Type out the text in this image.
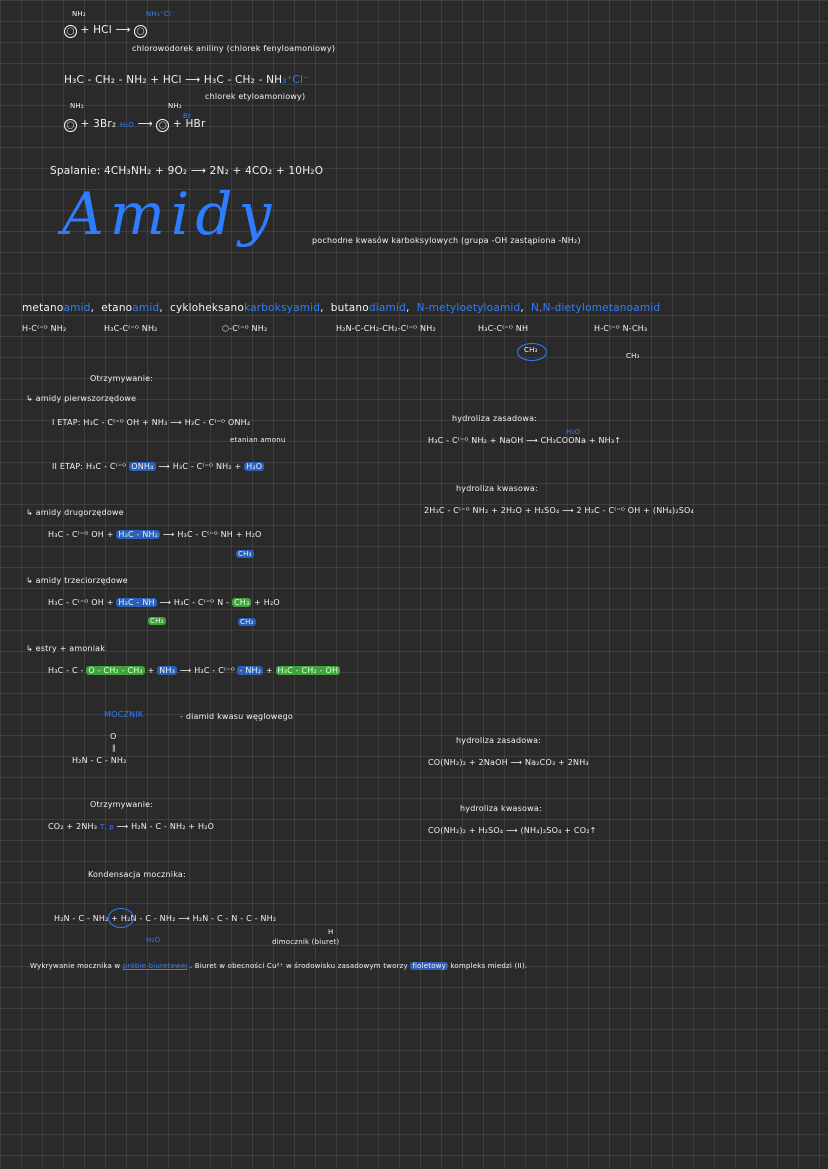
NH₂	NH₃⁺Cl⁻
◯ + HCl ⟶ ◯
chlorowodorek aniliny (chlorek fenyloamoniowy)
H₃C - CH₂ - NH₂ + HCl ⟶ H₃C - CH₂ - NH₃⁺Cl⁻
chlorek etyloamoniowy)
NH₂	NH₂
◯ + 3Br₂ H₂O ⟶ ◯ + HBr
Br
Spalanie: 4CH₃NH₂ + 9O₂ ⟶ 2N₂ + 4CO₂ + 10H₂O
Amidy	pochodne kwasów karboksylowych (grupa -OH zastąpiona -NH₂)
metanoamid,  etanoamid,  cykloheksanokarboksyamid,  butanodiamid,  N-metyloetyloamid,  N,N-dietylometanoamid
H-C⁽⁼ᴼ NH₂	H₃C-C⁽⁼ᴼ NH₂	⬡-C⁽⁼ᴼ NH₂	H₂N-C-CH₂-CH₂-C⁽⁼ᴼ NH₂	H₃C-C⁽⁼ᴼ NH
CH₃
H-C⁽⁼ᴼ N-CH₃
CH₃
Otrzymywanie:
↳ amidy pierwszorzędowe
I ETAP: H₃C - C⁽⁼ᴼ OH + NH₃ ⟶ H₃C - C⁽⁼ᴼ ONH₄
etanian amonu
II ETAP: H₃C - C⁽⁼ᴼ ONH₄ ⟶ H₃C - C⁽⁼ᴼ NH₂ + H₂O
↳ amidy drugorzędowe
H₃C - C⁽⁼ᴼ OH + H₃C - NH₂ ⟶ H₃C - C⁽⁼ᴼ NH + H₂O
CH₃
↳ amidy trzeciorzędowe
H₃C - C⁽⁼ᴼ OH + H₃C - NH ⟶ H₃C - C⁽⁼ᴼ N - CH₃ + H₂O
CH₃	CH₃
↳ estry + amoniak
H₃C - C - O - CH₂ - CH₃ + NH₃ ⟶ H₃C - C⁽⁼ᴼ - NH₂ + H₃C - CH₂ - OH
hydroliza zasadowa:
H₃C - C⁽⁼ᴼ NH₂ + NaOH ⟶ CH₃COONa + NH₃↑
H₂O
hydroliza kwasowa:
2H₃C - C⁽⁼ᴼ NH₂ + 2H₂O + H₂SO₄ ⟶ 2 H₃C - C⁽⁼ᴼ OH + (NH₄)₂SO₄
MOCZNIK	- diamid kwasu węglowego
O
‖
H₂N - C - NH₂
Otrzymywanie:
CO₂ + 2NH₃ T, p ⟶ H₂N - C - NH₂ + H₂O
hydroliza zasadowa:
CO(NH₂)₂ + 2NaOH ⟶ Na₂CO₃ + 2NH₃
hydroliza kwasowa:
CO(NH₂)₂ + H₂SO₄ ⟶ (NH₄)₂SO₄ + CO₂↑
Kondensacja mocznika:
H₂N - C - NH₂ + H₂N - C - NH₂ ⟶ H₂N - C - N - C - NH₂
H₂O
H
dimocznik (biuret)
Wykrywanie mocznika w próbie biuretowej . Biuret w obecności Cu²⁺ w środowisku zasadowym tworzy fioletowy kompleks miedzi (II).
